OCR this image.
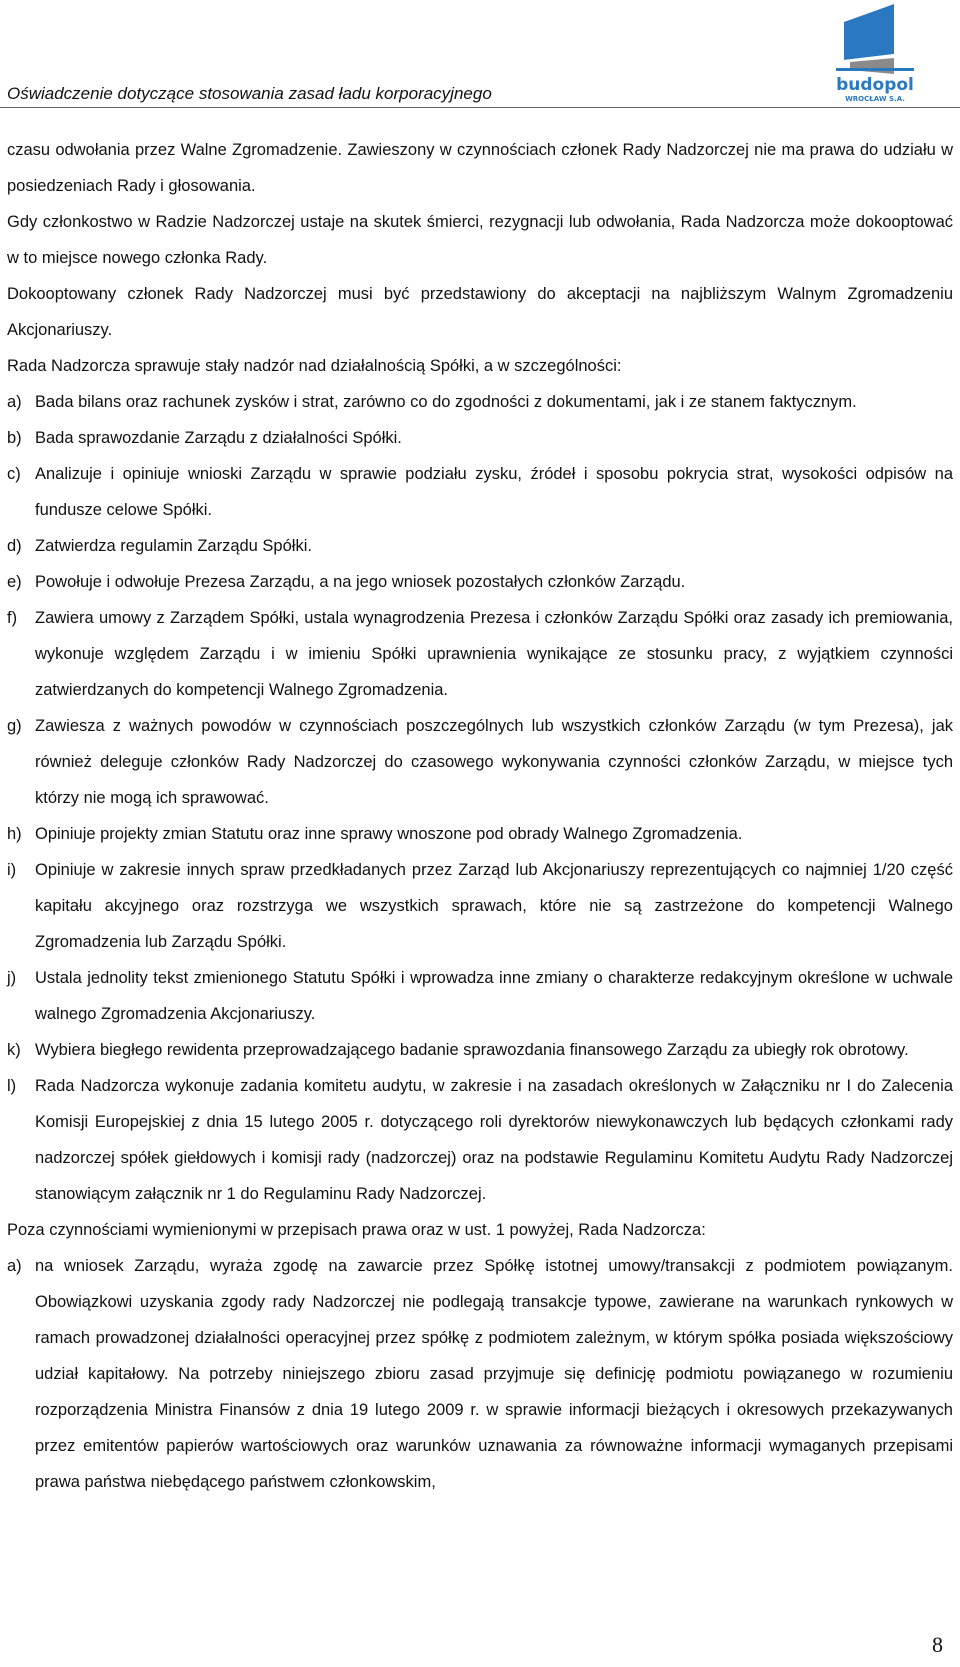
Oświadczenie dotyczące stosowania zasad ładu korporacyjnego	budopol
WROCŁAW S.A.

czasu odwołania przez Walne Zgromadzenie. Zawieszony w czynnościach członek Rady Nadzorczej nie ma prawa do udziału w posiedzeniach Rady i głosowania.

Gdy członkostwo w Radzie Nadzorczej ustaje na skutek śmierci, rezygnacji lub odwołania, Rada Nadzorcza może dokooptować w to miejsce nowego członka Rady.

Dokooptowany członek Rady Nadzorczej musi być przedstawiony do akceptacji na najbliższym Walnym Zgromadzeniu Akcjonariuszy.

Rada Nadzorcza sprawuje stały nadzór nad działalnością Spółki, a w szczególności:

a) Bada bilans oraz rachunek zysków i strat, zarówno co do zgodności z dokumentami, jak i ze stanem faktycznym.
b) Bada sprawozdanie Zarządu z działalności Spółki.
c) Analizuje i opiniuje wnioski Zarządu w sprawie podziału zysku, źródeł i sposobu pokrycia strat, wysokości odpisów na fundusze celowe Spółki.
d) Zatwierdza regulamin Zarządu Spółki.
e) Powołuje i odwołuje Prezesa Zarządu, a na jego wniosek pozostałych członków Zarządu.
f)	Zawiera umowy z Zarządem Spółki, ustala wynagrodzenia Prezesa i członków Zarządu Spółki oraz zasady ich premiowania, wykonuje względem Zarządu i w imieniu Spółki uprawnienia wynikające ze stosunku pracy, z wyjątkiem czynności zatwierdzanych do kompetencji Walnego Zgromadzenia.
g) Zawiesza z ważnych powodów w czynnościach poszczególnych lub wszystkich członków Zarządu (w tym Prezesa), jak również deleguje członków Rady Nadzorczej do czasowego wykonywania czynności członków Zarządu, w miejsce tych którzy nie mogą ich sprawować.
h) Opiniuje projekty zmian Statutu oraz inne sprawy wnoszone pod obrady Walnego Zgromadzenia.
i)	Opiniuje w zakresie innych spraw przedkładanych przez Zarząd lub Akcjonariuszy reprezentujących co najmniej 1/20 część kapitału akcyjnego oraz rozstrzyga we wszystkich sprawach, które nie są zastrzeżone do kompetencji Walnego Zgromadzenia lub Zarządu Spółki.
j)	Ustala jednolity tekst zmienionego Statutu Spółki i wprowadza inne zmiany o charakterze redakcyjnym określone w uchwale walnego Zgromadzenia Akcjonariuszy.
k) Wybiera biegłego rewidenta przeprowadzającego badanie sprawozdania finansowego Zarządu za ubiegły rok obrotowy.
l)	Rada Nadzorcza wykonuje zadania komitetu audytu, w zakresie i na zasadach określonych w Załączniku nr I do Zalecenia Komisji Europejskiej z dnia 15 lutego 2005 r. dotyczącego roli dyrektorów niewykonawczych lub będących członkami rady nadzorczej spółek giełdowych i komisji rady (nadzorczej) oraz na podstawie Regulaminu Komitetu Audytu Rady Nadzorczej stanowiącym załącznik nr 1 do Regulaminu Rady Nadzorczej.

Poza czynnościami wymienionymi w przepisach prawa oraz w ust. 1 powyżej, Rada Nadzorcza:

a) na wniosek Zarządu, wyraża zgodę na zawarcie przez Spółkę istotnej umowy/transakcji z podmiotem powiązanym. Obowiązkowi uzyskania zgody rady Nadzorczej nie podlegają transakcje typowe, zawierane na warunkach rynkowych w ramach prowadzonej działalności operacyjnej przez spółkę z podmiotem zależnym, w którym spółka posiada większościowy udział kapitałowy. Na potrzeby niniejszego zbioru zasad przyjmuje się definicję podmiotu powiązanego w rozumieniu rozporządzenia Ministra Finansów z dnia 19 lutego 2009 r. w sprawie informacji bieżących i okresowych przekazywanych przez emitentów papierów wartościowych oraz warunków uznawania za równoważne informacji wymaganych przepisami prawa państwa niebędącego państwem członkowskim,
8
